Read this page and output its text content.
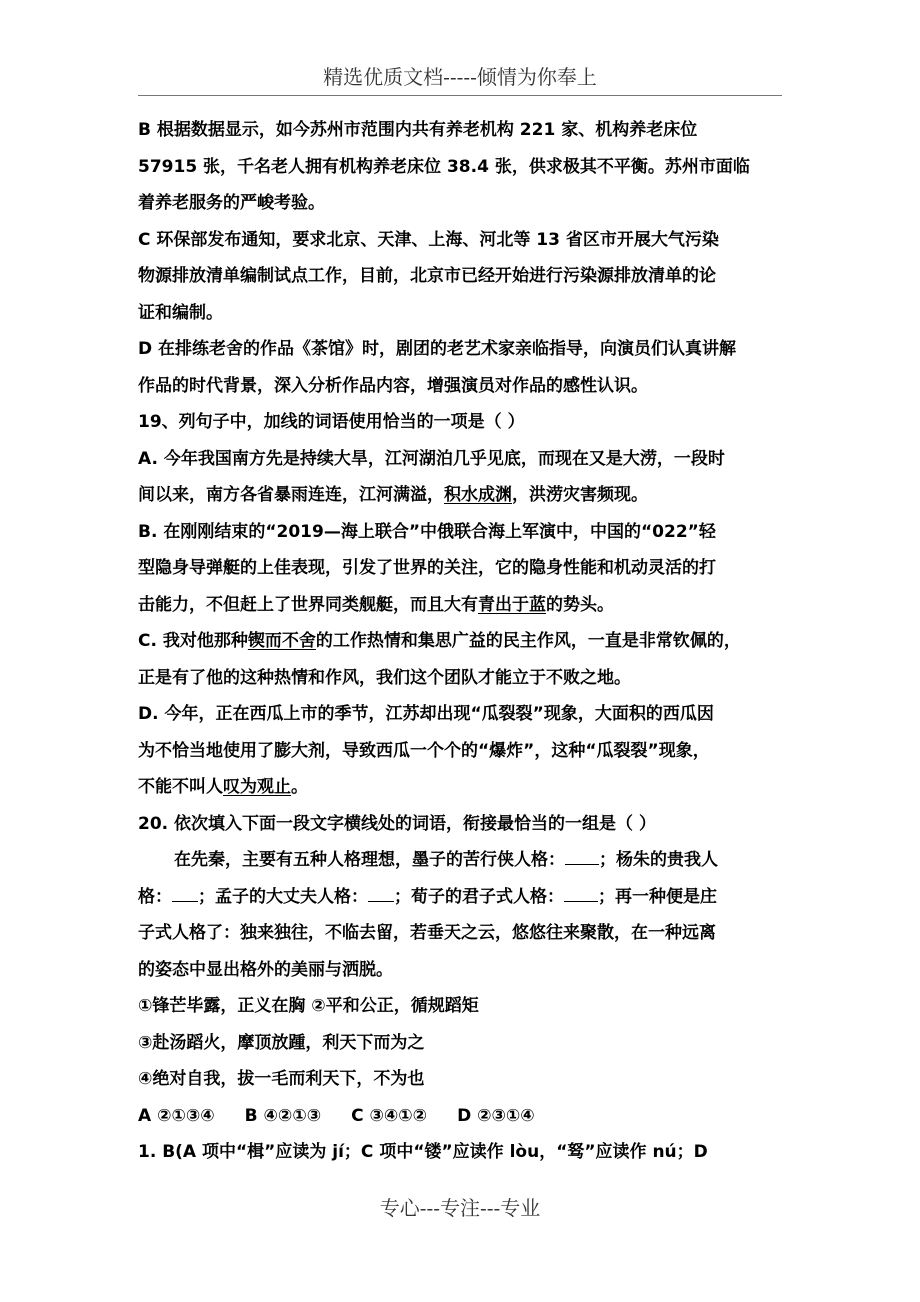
精选优质文档-----倾情为你奉上
B 根据数据显示，如今苏州市范围内共有养老机构 221 家、机构养老床位
57915 张，千名老人拥有机构养老床位 38.4 张，供求极其不平衡。苏州市面临
着养老服务的严峻考验。
C 环保部发布通知，要求北京、天津、上海、河北等 13 省区市开展大气污染
物源排放清单编制试点工作，目前，北京市已经开始进行污染源排放清单的论
证和编制。
D 在排练老舍的作品《茶馆》时，剧团的老艺术家亲临指导，向演员们认真讲解
作品的时代背景，深入分析作品内容，增强演员对作品的感性认识。
19、列句子中，加线的词语使用恰当的一项是（ ）
A. 今年我国南方先是持续大旱，江河湖泊几乎见底，而现在又是大涝，一段时
间以来，南方各省暴雨连连，江河满溢，积水成渊，洪涝灾害频现。
B. 在刚刚结束的“2019—海上联合”中俄联合海上军演中，中国的“022”轻
型隐身导弹艇的上佳表现，引发了世界的关注，它的隐身性能和机动灵活的打
击能力，不但赶上了世界同类舰艇，而且大有青出于蓝的势头。
C. 我对他那种锲而不舍的工作热情和集思广益的民主作风，一直是非常钦佩的，
正是有了他的这种热情和作风，我们这个团队才能立于不败之地。
D. 今年，正在西瓜上市的季节，江苏却出现“瓜裂裂”现象，大面积的西瓜因
为不恰当地使用了膨大剂，导致西瓜一个个的“爆炸”，这种“瓜裂裂”现象，
不能不叫人叹为观止。
20. 依次填入下面一段文字横线处的词语，衔接最恰当的一组是（ ）
在先秦，主要有五种人格理想，墨子的苦行侠人格： ；杨朱的贵我人
格： ；孟子的大丈夫人格： ；荀子的君子式人格： ；再一种便是庄
子式人格了：独来独往，不临去留，若垂天之云，悠悠往来聚散，在一种远离
的姿态中显出格外的美丽与洒脱。
①锋芒毕露，正义在胸 ②平和公正，循规蹈矩
③赴汤蹈火，摩顶放踵，利天下而为之
④绝对自我，拔一毛而利天下，不为也
A ②①③④ B ④②①③ C ③④①② D ②③①④
1. B(A 项中“楫”应读为 jí；C 项中“镂”应读作 lòu，“驽”应读作 nú；D
专心---专注---专业
